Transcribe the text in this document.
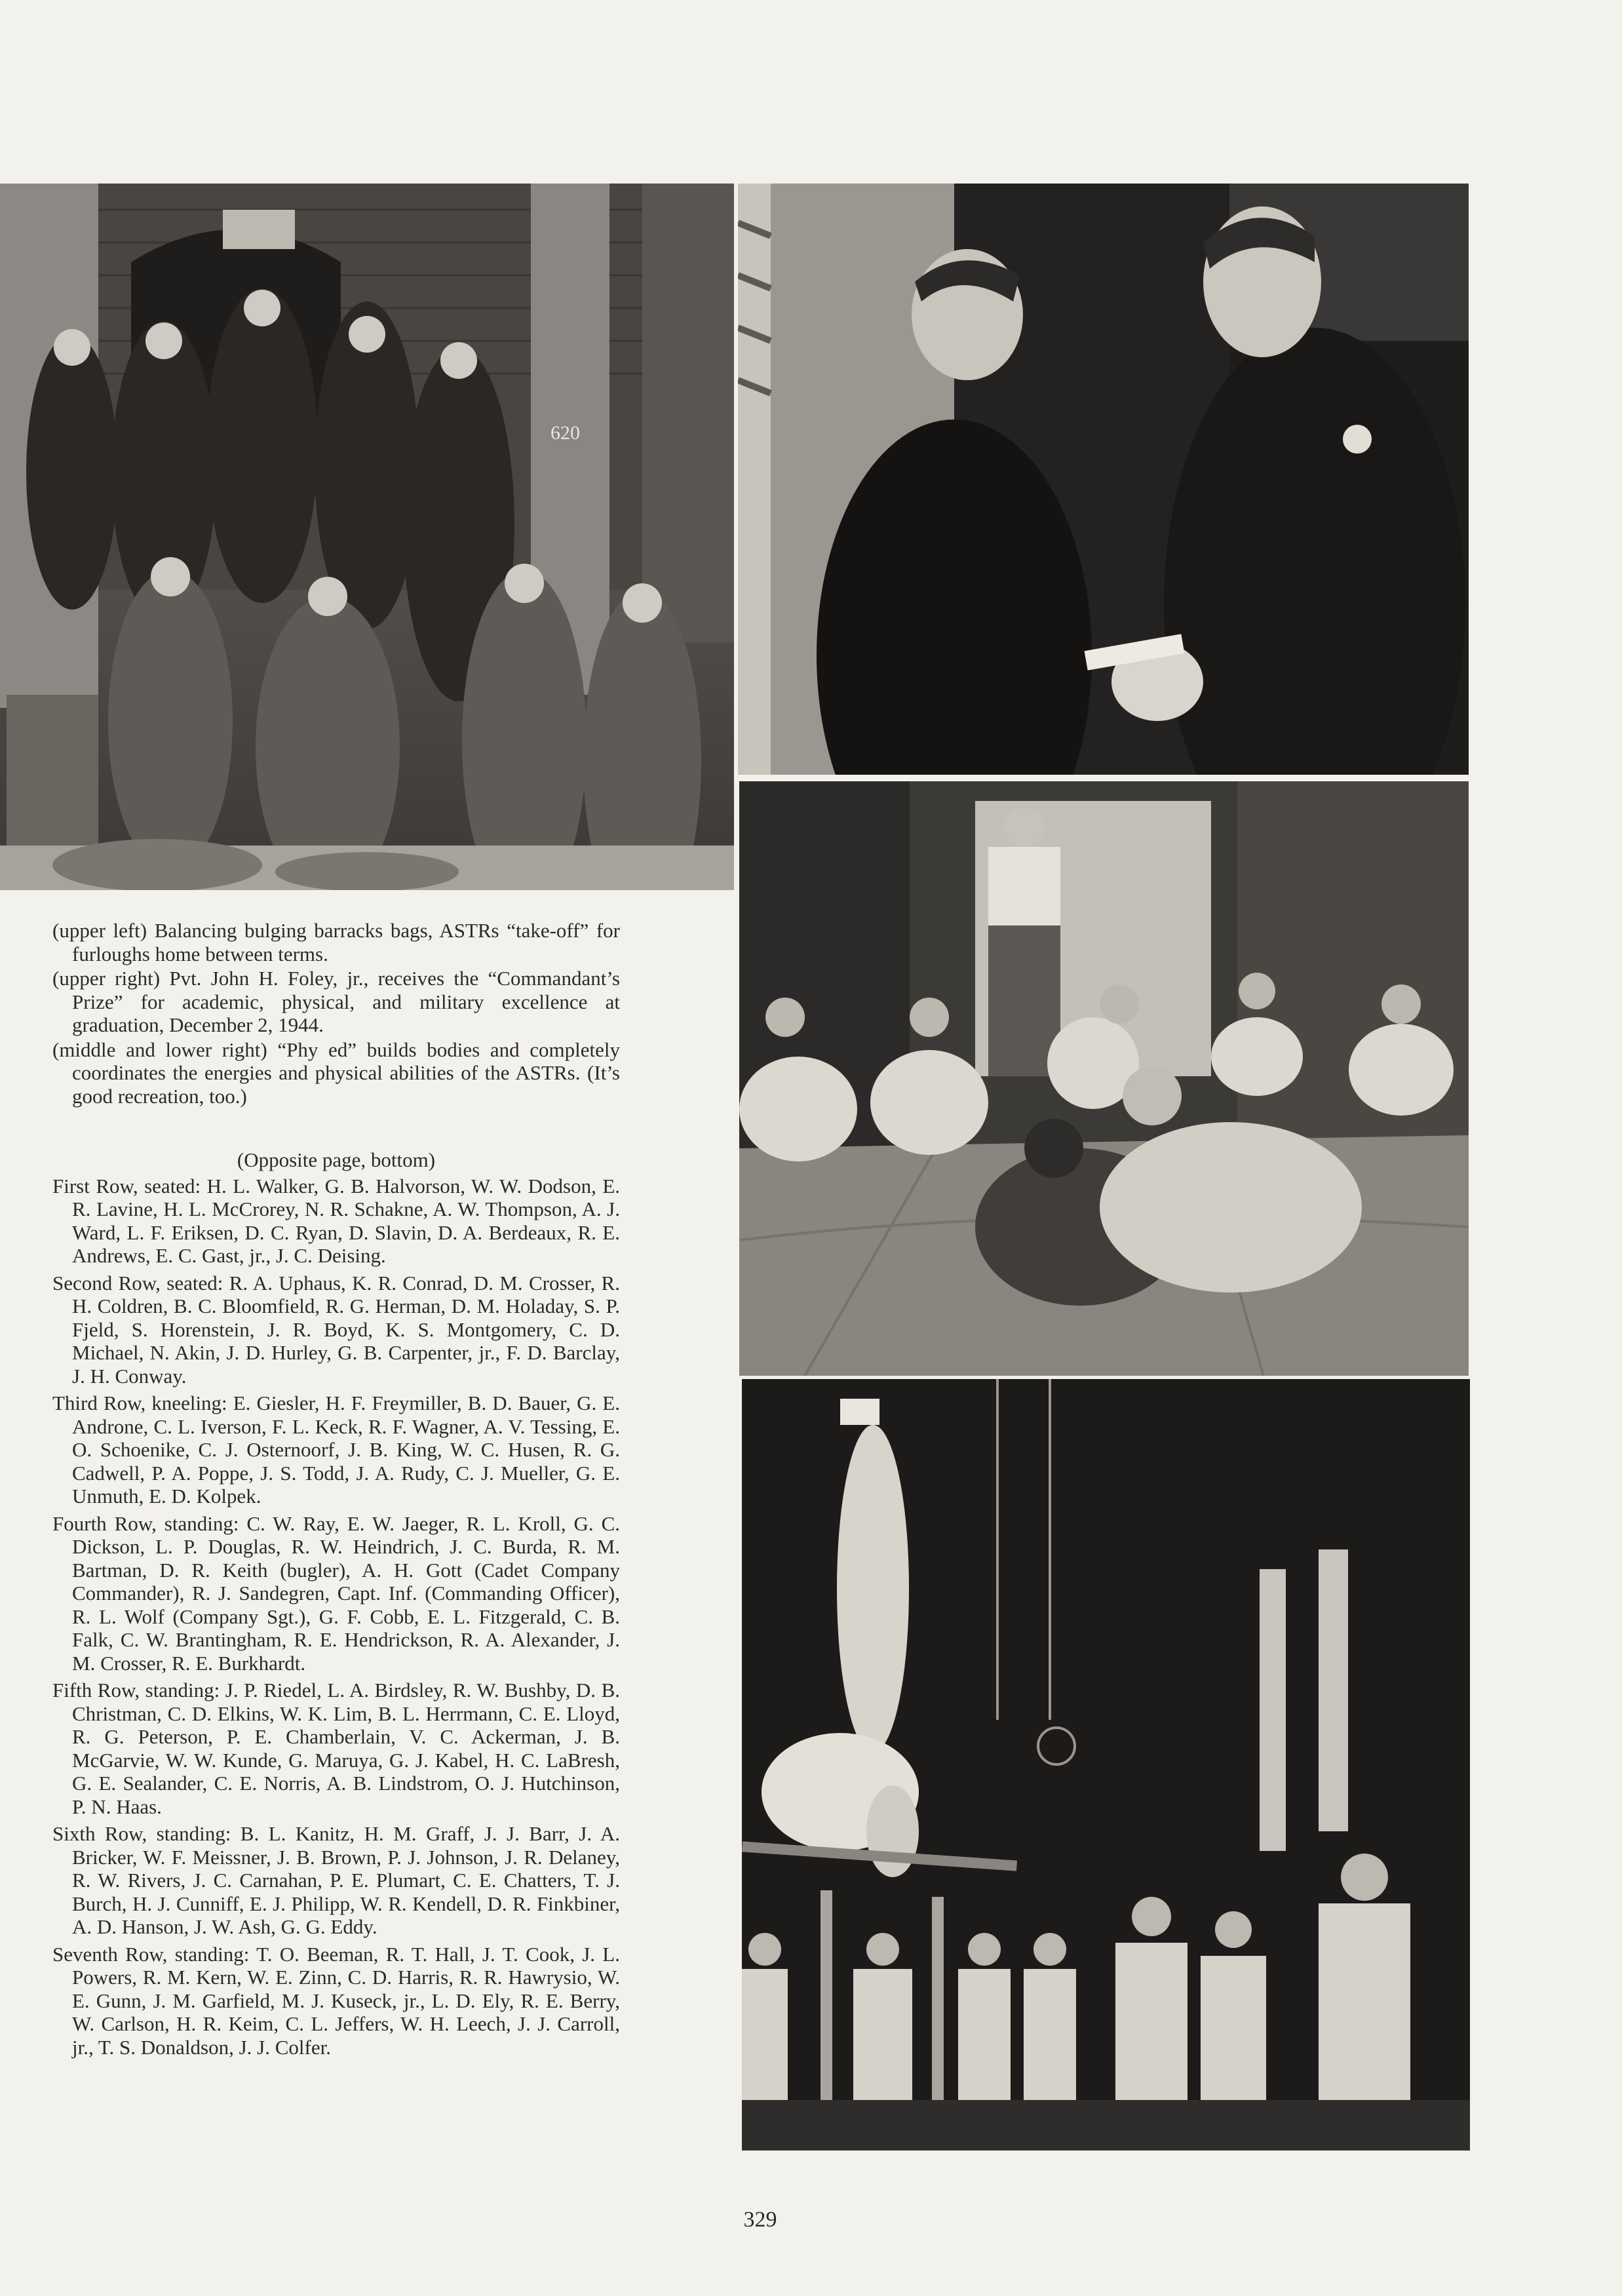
620

(upper left) Balancing bulging barracks bags, ASTRs “take-off” for furloughs home between terms.

(upper right) Pvt. John H. Foley, jr., receives the “Commandant’s Prize” for academic, physical, and military excellence at graduation, December 2, 1944.

(middle and lower right) “Phy ed” builds bodies and completely coordinates the energies and physical abilities of the ASTRs. (It’s good recreation, too.)

(Opposite page, bottom)

First Row, seated: H. L. Walker, G. B. Halvorson, W. W. Dodson, E. R. Lavine, H. L. McCrorey, N. R. Schakne, A. W. Thompson, A. J. Ward, L. F. Eriksen, D. C. Ryan, D. Slavin, D. A. Berdeaux, R. E. Andrews, E. C. Gast, jr., J. C. Deising.

Second Row, seated: R. A. Uphaus, K. R. Conrad, D. M. Crosser, R. H. Coldren, B. C. Bloomfield, R. G. Herman, D. M. Holaday, S. P. Fjeld, S. Horenstein, J. R. Boyd, K. S. Montgomery, C. D. Michael, N. Akin, J. D. Hurley, G. B. Carpenter, jr., F. D. Barclay, J. H. Conway.

Third Row, kneeling: E. Giesler, H. F. Freymiller, B. D. Bauer, G. E. Androne, C. L. Iverson, F. L. Keck, R. F. Wagner, A. V. Tessing, E. O. Schoenike, C. J. Osternoorf, J. B. King, W. C. Husen, R. G. Cadwell, P. A. Poppe, J. S. Todd, J. A. Rudy, C. J. Mueller, G. E. Unmuth, E. D. Kolpek.

Fourth Row, standing: C. W. Ray, E. W. Jaeger, R. L. Kroll, G. C. Dickson, L. P. Douglas, R. W. Heindrich, J. C. Burda, R. M. Bartman, D. R. Keith (bugler), A. H. Gott (Cadet Company Commander), R. J. Sandegren, Capt. Inf. (Commanding Officer), R. L. Wolf (Company Sgt.), G. F. Cobb, E. L. Fitzgerald, C. B. Falk, C. W. Brantingham, R. E. Hendrickson, R. A. Alexander, J. M. Crosser, R. E. Burkhardt.

Fifth Row, standing: J. P. Riedel, L. A. Birdsley, R. W. Bushby, D. B. Christman, C. D. Elkins, W. K. Lim, B. L. Herrmann, C. E. Lloyd, R. G. Peterson, P. E. Chamberlain, V. C. Ackerman, J. B. McGarvie, W. W. Kunde, G. Maruya, G. J. Kabel, H. C. LaBresh, G. E. Sealander, C. E. Norris, A. B. Lindstrom, O. J. Hutchinson, P. N. Haas.

Sixth Row, standing: B. L. Kanitz, H. M. Graff, J. J. Barr, J. A. Bricker, W. F. Meissner, J. B. Brown, P. J. Johnson, J. R. Delaney, R. W. Rivers, J. C. Carnahan, P. E. Plumart, C. E. Chatters, T. J. Burch, H. J. Cunniff, E. J. Philipp, W. R. Kendell, D. R. Finkbiner, A. D. Hanson, J. W. Ash, G. G. Eddy.

Seventh Row, standing: T. O. Beeman, R. T. Hall, J. T. Cook, J. L. Powers, R. M. Kern, W. E. Zinn, C. D. Harris, R. R. Hawrysio, W. E. Gunn, J. M. Garfield, M. J. Kuseck, jr., L. D. Ely, R. E. Berry, W. Carlson, H. R. Keim, C. L. Jeffers, W. H. Leech, J. J. Carroll, jr., T. S. Donaldson, J. J. Colfer.

329
